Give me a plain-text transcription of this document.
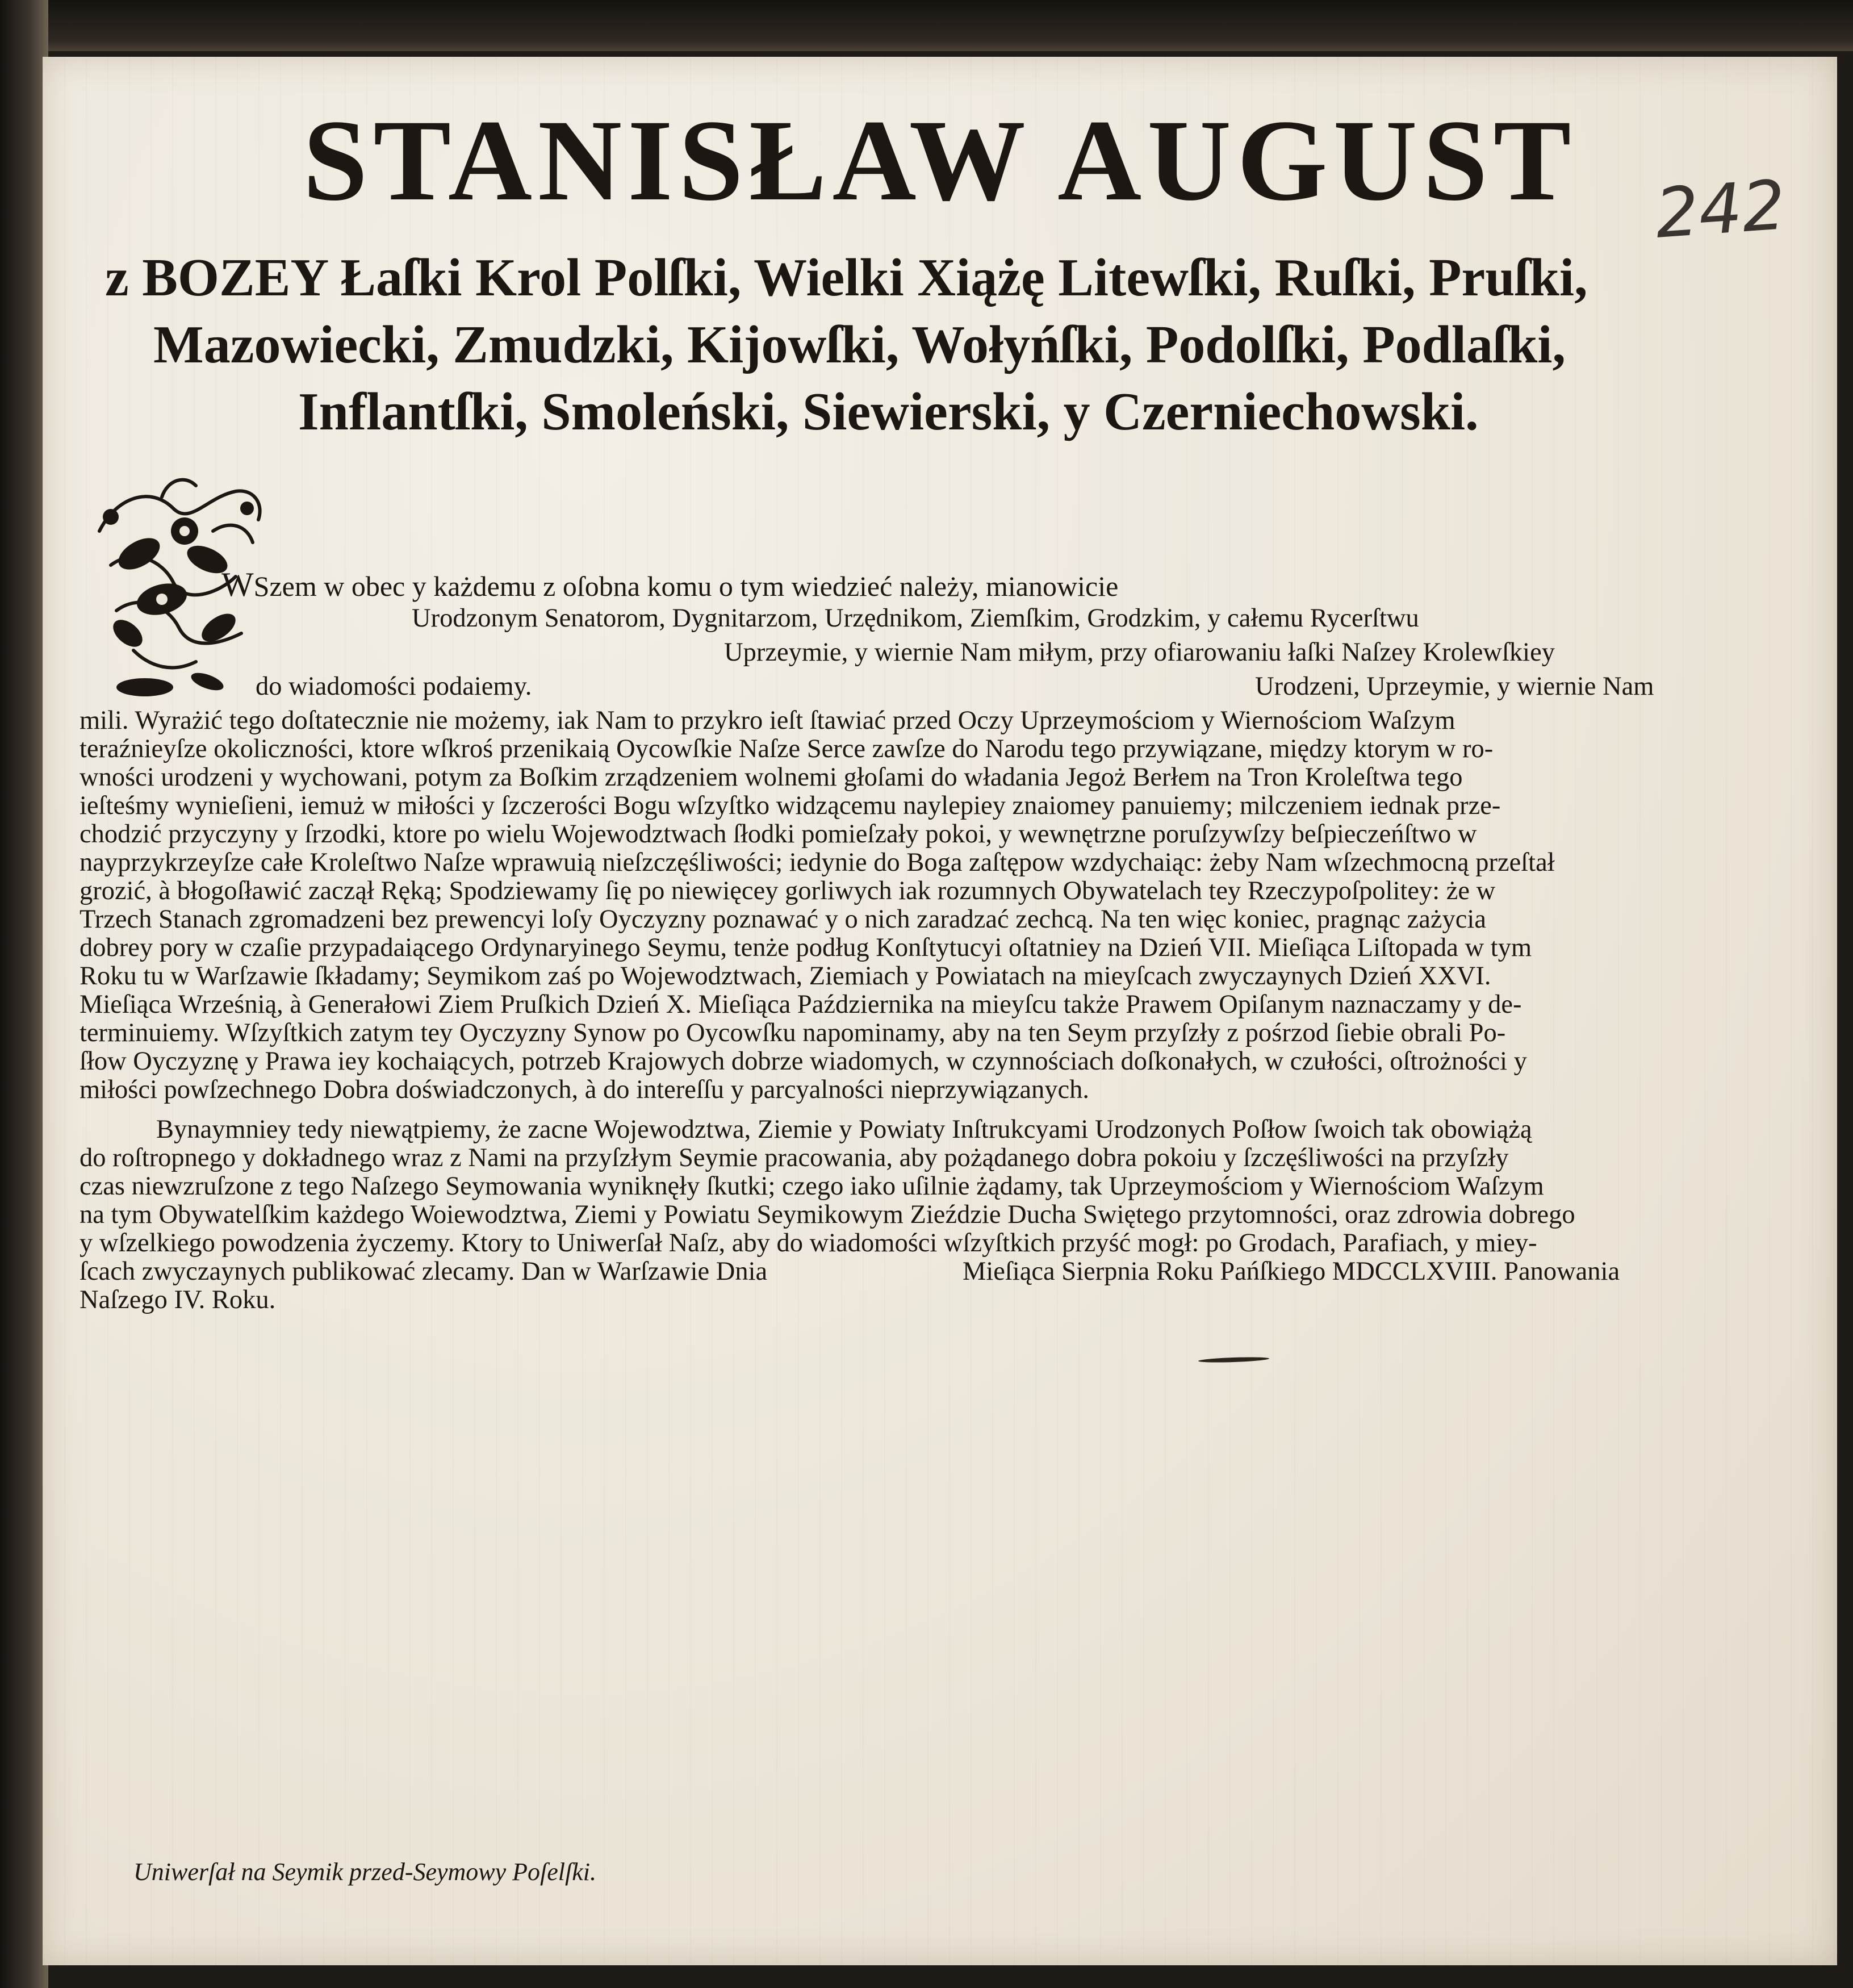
STANISŁAW AUGUST	242
z BOZEY Łaſki Krol Polſki, Wielki Xiążę Litewſki, Ruſki, Pruſki,
Mazowiecki, Zmudzki, Kijowſki, Wołyńſki, Podolſki, Podlaſki,
Inflantſki, Smoleński, Siewierski, y Czerniechowski.
WSzem w obec y każdemu z oſobna komu o tym wiedzieć należy, mianowicie
Urodzonym Senatorom, Dygnitarzom, Urzędnikom, Ziemſkim, Grodzkim, y całemu Rycerſtwu
Uprzeymie, y wiernie Nam miłym, przy ofiarowaniu łaſki Naſzey Krolewſkiey
do wiadomości podaiemy.	Urodzeni, Uprzeymie, y wiernie Nam
mili. Wyrażić tego doſtatecznie nie możemy, iak Nam to przykro ieſt ſtawiać przed Oczy Uprzeymościom y Wiernościom Waſzym
teraźnieyſze okoliczności, ktore wſkroś przenikaią Oycowſkie Naſze Serce zawſze do Narodu tego przywiązane, między ktorym w ro-
wności urodzeni y wychowani, potym za Boſkim zrządzeniem wolnemi głoſami do władania Jegoż Berłem na Tron Kroleſtwa tego
ieſteśmy wynieſieni, iemuż w miłości y ſzczerości Bogu wſzyſtko widzącemu naylepiey znaiomey panuiemy; milczeniem iednak prze-
chodzić przyczyny y ſrzodki, ktore po wielu Wojewodztwach ſłodki pomieſzały pokoi, y wewnętrzne poruſzywſzy beſpieczeńſtwo w
nayprzykrzeyſze całe Kroleſtwo Naſze wprawuią nieſzczęśliwości; iedynie do Boga zaſtępow wzdychaiąc: żeby Nam wſzechmocną przeſtał
grozić, à błogoſławić zaczął Ręką; Spodziewamy ſię po niewięcey gorliwych iak rozumnych Obywatelach tey Rzeczypoſpolitey: że w
Trzech Stanach zgromadzeni bez prewencyi loſy Oyczyzny poznawać y o nich zaradzać zechcą. Na ten więc koniec, pragnąc zażycia
dobrey pory w czaſie przypadaiącego Ordynaryinego Seymu, tenże podług Konſtytucyi oſtatniey na Dzień VII. Mieſiąca Liſtopada w tym
Roku tu w Warſzawie ſkładamy; Seymikom zaś po Wojewodztwach, Ziemiach y Powiatach na mieyſcach zwyczaynych Dzień XXVI.
Mieſiąca Wrześnią, à Generałowi Ziem Pruſkich Dzień X. Mieſiąca Października na mieyſcu także Prawem Opiſanym naznaczamy y de-
terminuiemy. Wſzyſtkich zatym tey Oyczyzny Synow po Oycowſku napominamy, aby na ten Seym przyſzły z pośrzod ſiebie obrali Po-
ſłow Oyczyznę y Prawa iey kochaiących, potrzeb Krajowych dobrze wiadomych, w czynnościach doſkonałych, w czułości, oſtrożności y
miłości powſzechnego Dobra doświadczonych, à do intereſſu y parcyalności nieprzywiązanych.
Bynaymniey tedy niewątpiemy, że zacne Wojewodztwa, Ziemie y Powiaty Inſtrukcyami Urodzonych Poſłow ſwoich tak obowiążą
do roſtropnego y dokładnego wraz z Nami na przyſzłym Seymie pracowania, aby pożądanego dobra pokoiu y ſzczęśliwości na przyſzły
czas niewzruſzone z tego Naſzego Seymowania wyniknęły ſkutki; czego iako uſilnie żądamy, tak Uprzeymościom y Wiernościom Waſzym
na tym Obywatelſkim każdego Woiewodztwa, Ziemi y Powiatu Seymikowym Zieździe Ducha Swiętego przytomności, oraz zdrowia dobrego
y wſzelkiego powodzenia życzemy. Ktory to Uniwerſał Naſz, aby do wiadomości wſzyſtkich przyść mogł: po Grodach, Parafiach, y miey-
ſcach zwyczaynych publikować zlecamy. Dan w Warſzawie Dnia	Mieſiąca Sierpnia Roku Pańſkiego MDCCLXVIII. Panowania
Naſzego IV. Roku.
Uniwerſał na Seymik przed-Seymowy Poſelſki.
